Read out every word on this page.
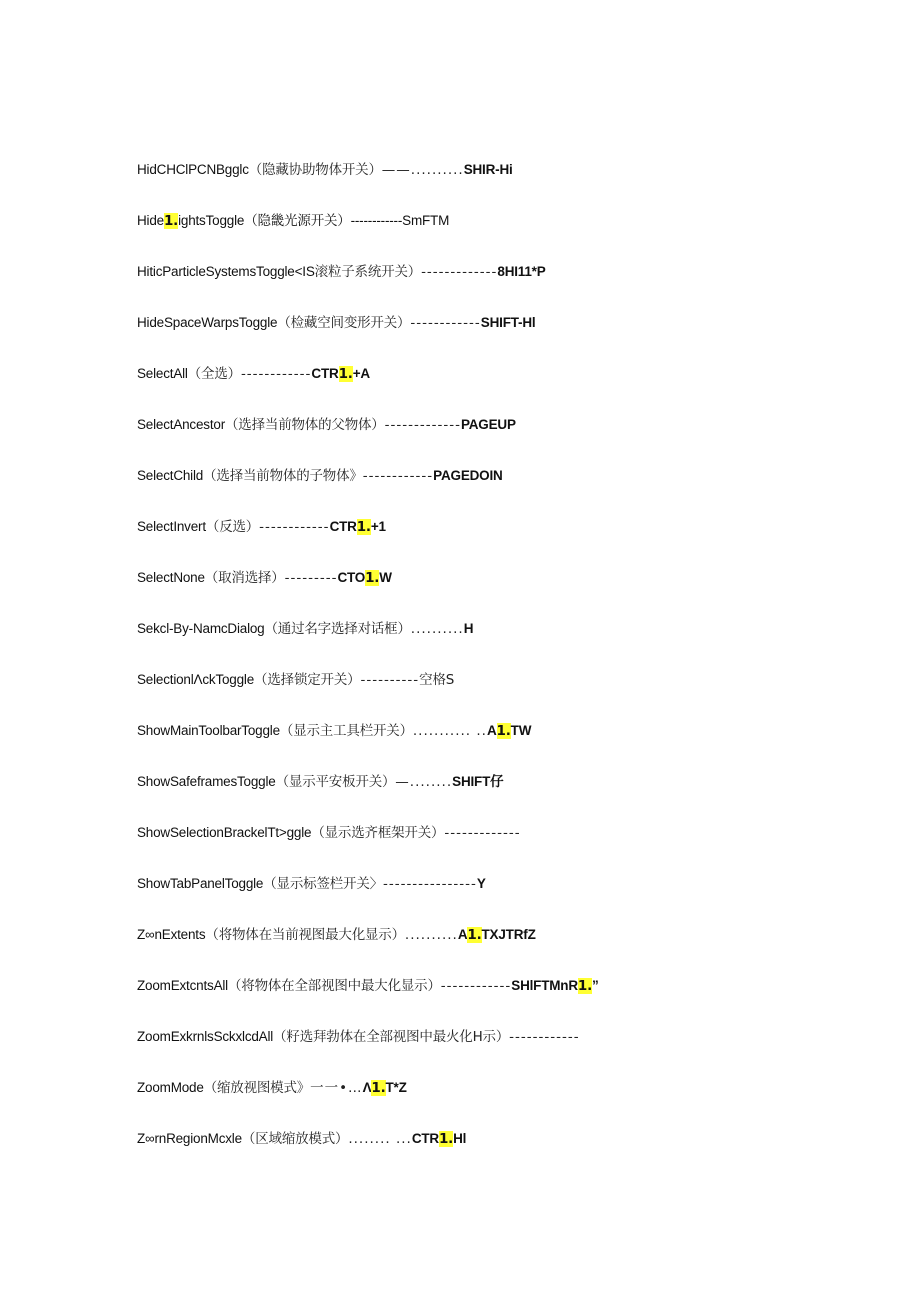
HidCHClPCNBgglc（隐藏协助物体开关）——..........SHIR-Hi
Hide1.ightsToggle（隐畿光源开关）------------SmFTM
HiticParticleSystemsToggle<IS滚粒子系统开关）-------------8HI11*P
HideSpaceWarpsToggle（检藏空间变形开关）------------SHIFT-Hl
SelectAll（全选）------------CTR1.+A
SelectAncestor（选择当前物体的父物体）-------------PAGEUP
SelectChild（选择当前物体的子物体》------------PAGEDOIN
SelectInvert（反选）------------CTR1.+1
SelectNone（取消选择）---------CTO1.W
Sekcl-By-NamcDialog（通过名字选择对话框）..........H
SelectionlΛckToggle（选择锁定开关）----------空格S
ShowMainToolbarToggle（显示主工具栏开关）........... ..A1.TW
ShowSafeframesToggle（显示平安板开关）—........SHIFT仔
ShowSelectionBrackelTt>ggle（显示选齐框架开关）-------------
ShowTabPanelToggle（显示标签栏开关〉----------------Y
Z∞nExtents（将物体在当前视图最大化显示）..........A1.TXJTRfZ
ZoomExtcntsAll（将物体在全部视图中最大化显示）------------SHlFTMnR1.”
ZoomExkrnlsSckxlcdAll（籽选拜勃体在全部视图中最火化H示）------------
ZoomMode（缩放视图模式》一一•…Λ1.T*Z
Z∞rnRegionMcxle（区域缩放模式）........ ...CTR1.Hl
